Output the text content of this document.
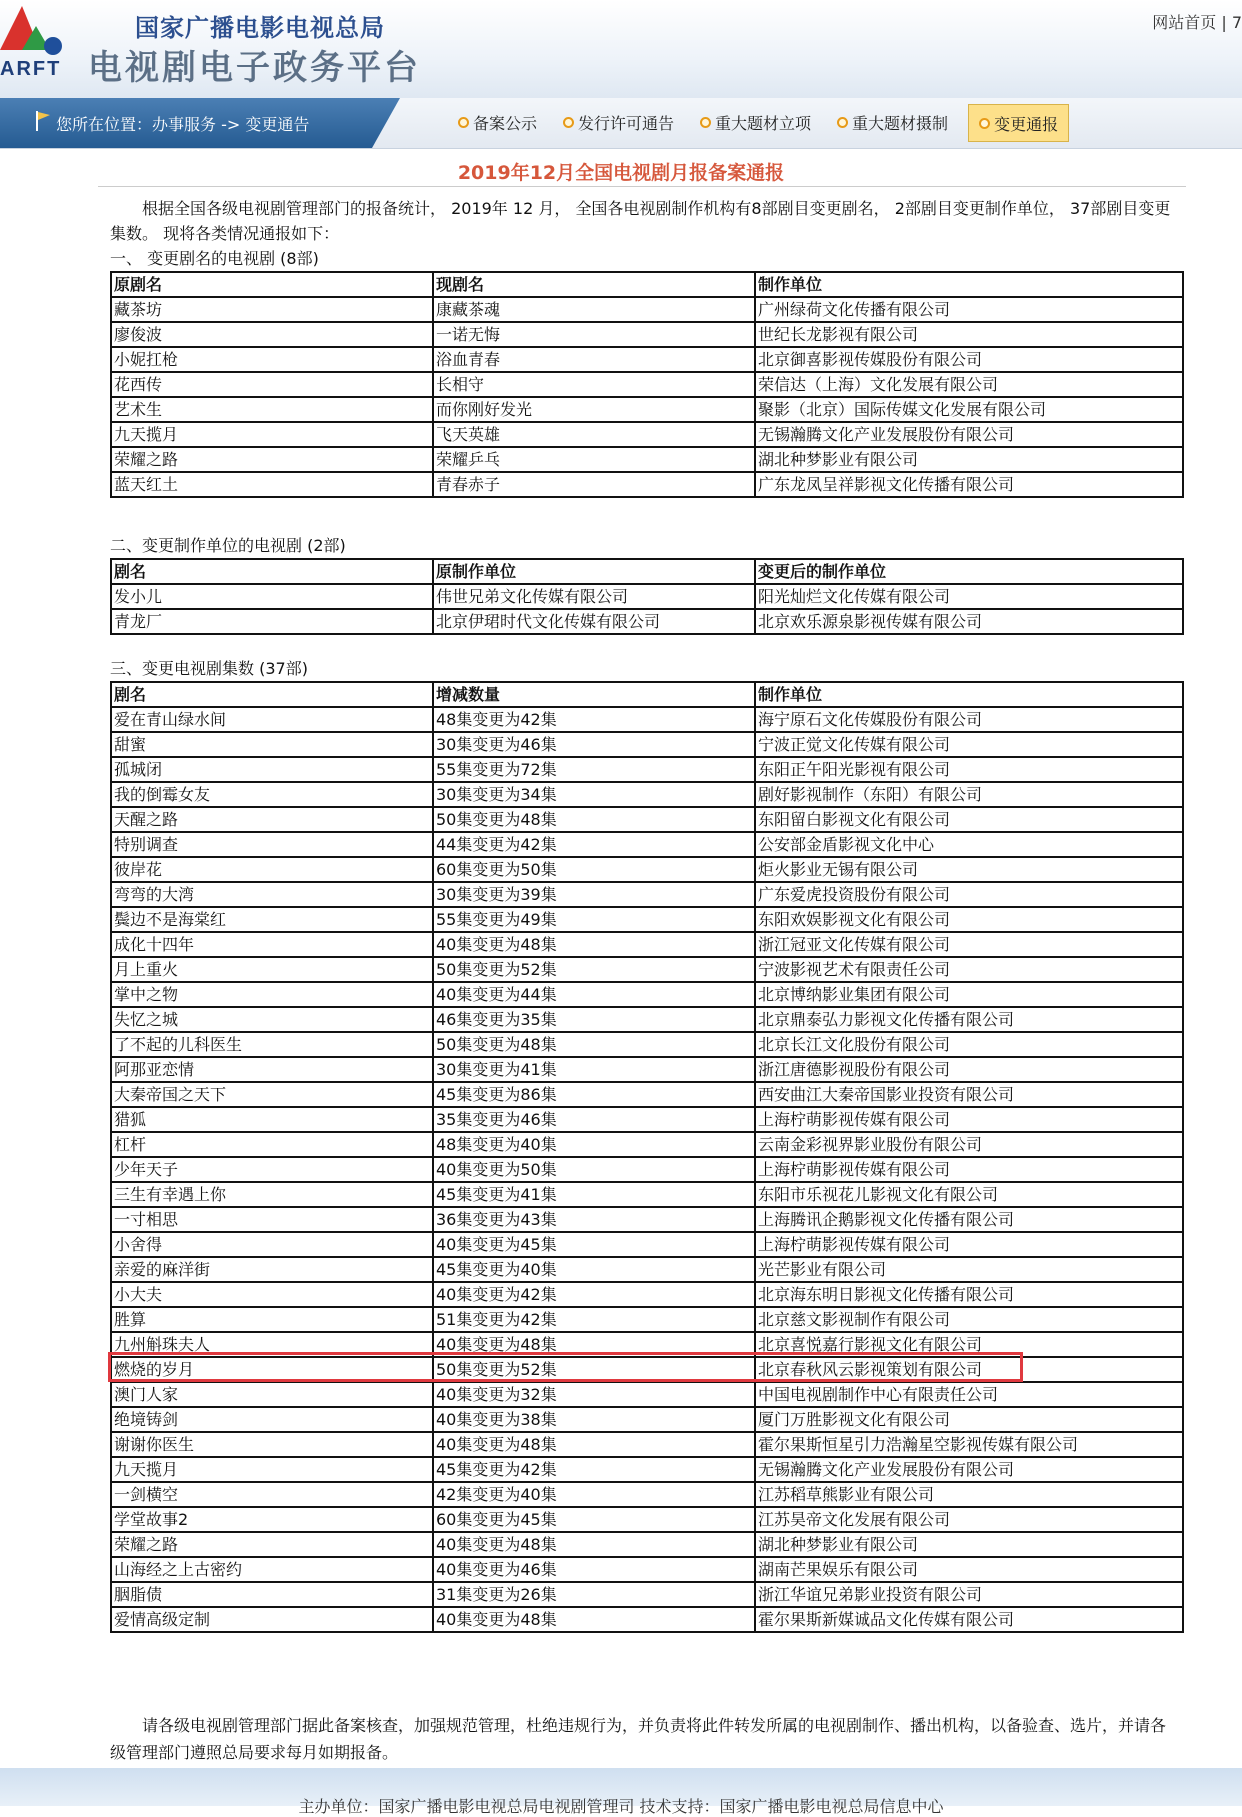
ARFT
国家广播电影电视总局
电视剧电子政务平台
网站首页 | 7
您所在位置：办事服务 -> 变更通告	备案公示	发行许可通告	重大题材立项	重大题材摄制	变更通报
2019年12月全国电视剧月报备案通报
根据全国各级电视剧管理部门的报备统计， 2019年 12 月， 全国各电视剧制作机构有8部剧目变更剧名， 2部剧目变更制作单位， 37部剧目变更集数。 现将各类情况通报如下：
一、 变更剧名的电视剧 (8部)
原剧名	现剧名	制作单位
藏茶坊	康藏茶魂	广州绿荷文化传播有限公司
廖俊波	一诺无悔	世纪长龙影视有限公司
小妮扛枪	浴血青春	北京御喜影视传媒股份有限公司
花西传	长相守	荣信达（上海）文化发展有限公司
艺术生	而你刚好发光	聚影（北京）国际传媒文化发展有限公司
九天揽月	飞天英雄	无锡瀚腾文化产业发展股份有限公司
荣耀之路	荣耀乒乓	湖北种梦影业有限公司
蓝天红土	青春赤子	广东龙凤呈祥影视文化传播有限公司
二、变更制作单位的电视剧 (2部)
剧名	原制作单位	变更后的制作单位
发小儿	伟世兄弟文化传媒有限公司	阳光灿烂文化传媒有限公司
青龙厂	北京伊珺时代文化传媒有限公司	北京欢乐源泉影视传媒有限公司
三、变更电视剧集数 (37部)
剧名	增减数量	制作单位
爱在青山绿水间	48集变更为42集	海宁原石文化传媒股份有限公司
甜蜜	30集变更为46集	宁波正觉文化传媒有限公司
孤城闭	55集变更为72集	东阳正午阳光影视有限公司
我的倒霉女友	30集变更为34集	剧好影视制作（东阳）有限公司
天醒之路	50集变更为48集	东阳留白影视文化有限公司
特别调查	44集变更为42集	公安部金盾影视文化中心
彼岸花	60集变更为50集	炬火影业无锡有限公司
弯弯的大湾	30集变更为39集	广东爱虎投资股份有限公司
鬓边不是海棠红	55集变更为49集	东阳欢娱影视文化有限公司
成化十四年	40集变更为48集	浙江冠亚文化传媒有限公司
月上重火	50集变更为52集	宁波影视艺术有限责任公司
掌中之物	40集变更为44集	北京博纳影业集团有限公司
失忆之城	46集变更为35集	北京鼎泰弘力影视文化传播有限公司
了不起的儿科医生	50集变更为48集	北京长江文化股份有限公司
阿那亚恋情	30集变更为41集	浙江唐德影视股份有限公司
大秦帝国之天下	45集变更为86集	西安曲江大秦帝国影业投资有限公司
猎狐	35集变更为46集	上海柠萌影视传媒有限公司
杠杆	48集变更为40集	云南金彩视界影业股份有限公司
少年天子	40集变更为50集	上海柠萌影视传媒有限公司
三生有幸遇上你	45集变更为41集	东阳市乐视花儿影视文化有限公司
一寸相思	36集变更为43集	上海腾讯企鹅影视文化传播有限公司
小舍得	40集变更为45集	上海柠萌影视传媒有限公司
亲爱的麻洋街	45集变更为40集	光芒影业有限公司
小大夫	40集变更为42集	北京海东明日影视文化传播有限公司
胜算	51集变更为42集	北京慈文影视制作有限公司
九州斛珠夫人	40集变更为48集	北京喜悦嘉行影视文化有限公司
燃烧的岁月	50集变更为52集	北京春秋风云影视策划有限公司
澳门人家	40集变更为32集	中国电视剧制作中心有限责任公司
绝境铸剑	40集变更为38集	厦门万胜影视文化有限公司
谢谢你医生	40集变更为48集	霍尔果斯恒星引力浩瀚星空影视传媒有限公司
九天揽月	45集变更为42集	无锡瀚腾文化产业发展股份有限公司
一剑横空	42集变更为40集	江苏稻草熊影业有限公司
学堂故事2	60集变更为45集	江苏昊帝文化发展有限公司
荣耀之路	40集变更为48集	湖北种梦影业有限公司
山海经之上古密约	40集变更为46集	湖南芒果娱乐有限公司
胭脂债	31集变更为26集	浙江华谊兄弟影业投资有限公司
爱情高级定制	40集变更为48集	霍尔果斯新媒诚品文化传媒有限公司
请各级电视剧管理部门据此备案核查，加强规范管理，杜绝违规行为，并负责将此件转发所属的电视剧制作、播出机构，以备验查、选片，并请各级管理部门遵照总局要求每月如期报备。
主办单位：国家广播电影电视总局电视剧管理司 技术支持：国家广播电影电视总局信息中心
